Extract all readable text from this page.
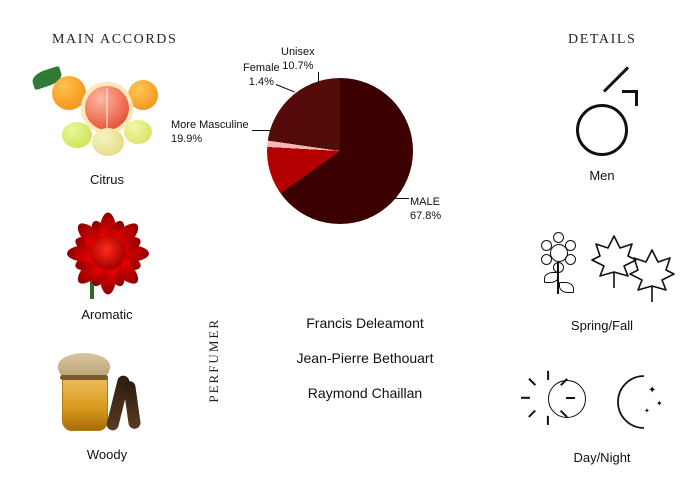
MAIN ACCORDS	DETAILS
Citrus
Aromatic
Woody
MALE
67.8%
Unisex
10.7%
Female
1.4%
More Masculine
19.9%
PERFUMER	Francis Deleamont
Jean-Pierre Bethouart
Raymond Chaillan
Men
Spring/Fall
✦
✦
✦
Day/Night
